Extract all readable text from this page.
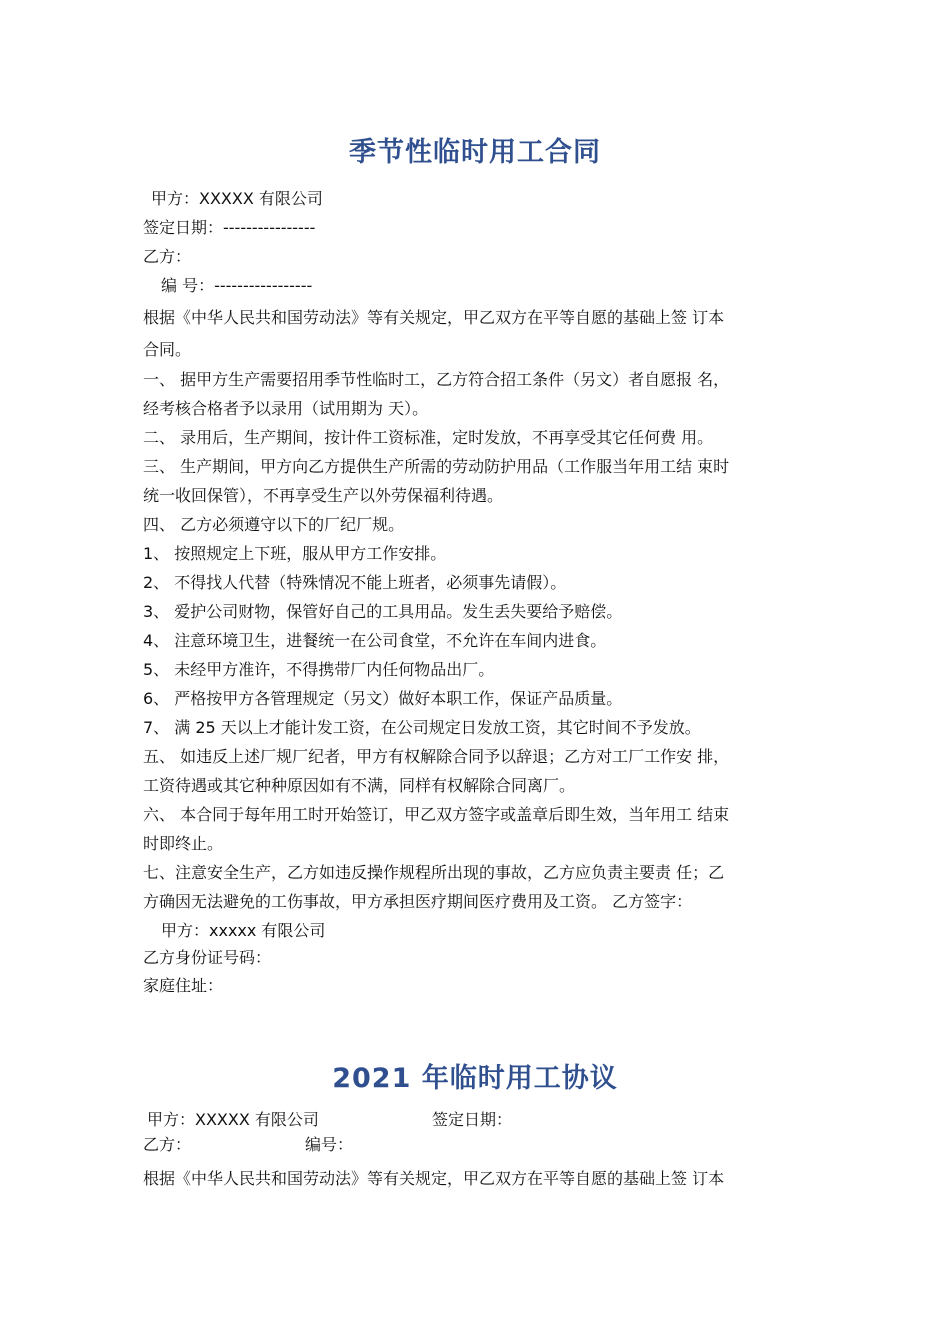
季节性临时用工合同
甲方：XXXXX 有限公司
签定日期：----------------
乙方：
编 号：-----------------
根据《中华人民共和国劳动法》等有关规定，甲乙双方在平等自愿的基础上签 订本
合同。
一、 据甲方生产需要招用季节性临时工，乙方符合招工条件（另文）者自愿报 名，
经考核合格者予以录用（试用期为 天）。
二、 录用后，生产期间，按计件工资标准，定时发放，不再享受其它任何费 用。
三、 生产期间，甲方向乙方提供生产所需的劳动防护用品（工作服当年用工结 束时
统一收回保管），不再享受生产以外劳保福利待遇。
四、 乙方必须遵守以下的厂纪厂规。
1、 按照规定上下班，服从甲方工作安排。
2、 不得找人代替（特殊情况不能上班者，必须事先请假）。
3、 爱护公司财物，保管好自己的工具用品。发生丢失要给予赔偿。
4、 注意环境卫生，进餐统一在公司食堂，不允许在车间内进食。
5、 未经甲方准许，不得携带厂内任何物品出厂。
6、 严格按甲方各管理规定（另文）做好本职工作，保证产品质量。
7、 满 25 天以上才能计发工资，在公司规定日发放工资，其它时间不予发放。
五、 如违反上述厂规厂纪者，甲方有权解除合同予以辞退；乙方对工厂工作安 排，
工资待遇或其它种种原因如有不满，同样有权解除合同离厂。
六、 本合同于每年用工时开始签订，甲乙双方签字或盖章后即生效，当年用工 结束
时即终止。
七、注意安全生产，乙方如违反操作规程所出现的事故，乙方应负责主要责 任；乙
方确因无法避免的工伤事故，甲方承担医疗期间医疗费用及工资。 乙方签字：
甲方：xxxxx 有限公司
乙方身份证号码：
家庭住址：
2021 年临时用工协议
甲方：XXXXX 有限公司	签定日期：
乙方：	编号：
根据《中华人民共和国劳动法》等有关规定，甲乙双方在平等自愿的基础上签 订本
